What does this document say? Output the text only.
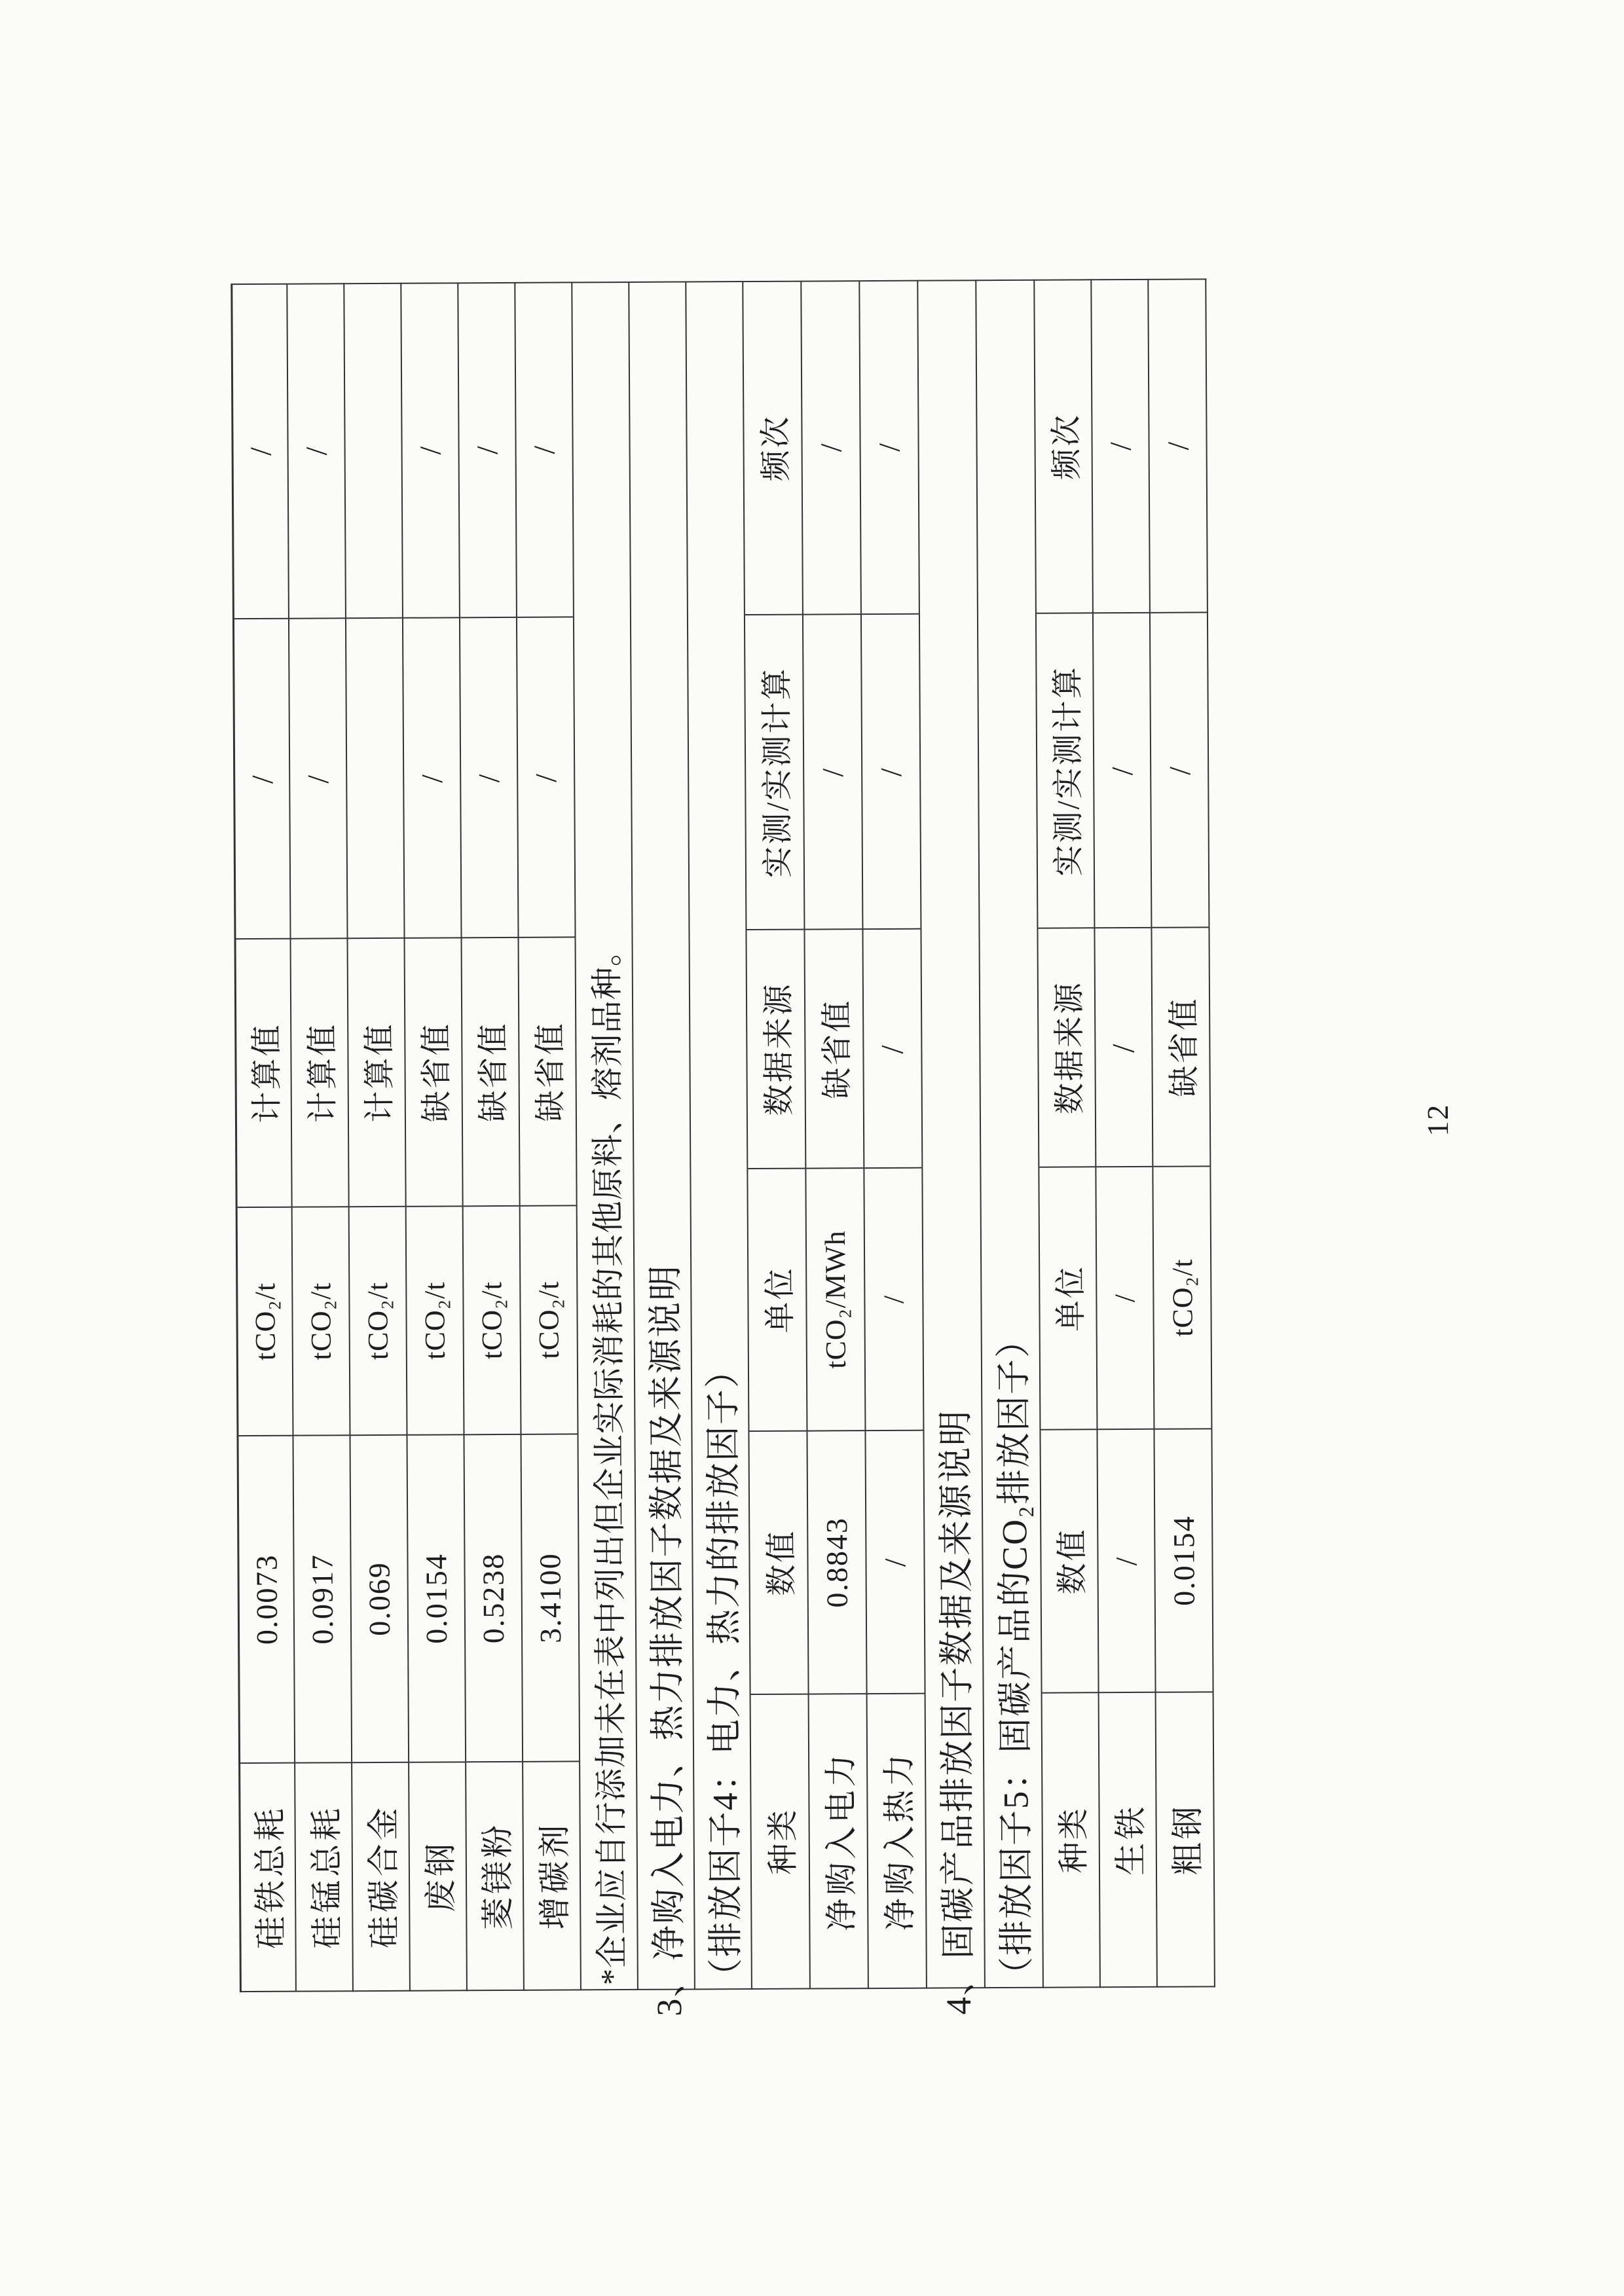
硅铁总耗
0.0073
tCO₂/t
计算值
/
/
硅锰总耗
0.0917
tCO₂/t
计算值
/
/
硅碳合金
0.069
tCO₂/t
计算值
废钢
0.0154
tCO₂/t
缺省值
/
/
菱镁粉
0.5238
tCO₂/t
缺省值
/
/
增碳剂
3.4100
tCO₂/t
缺省值
/
/
*企业应自行添加未在表中列出但企业实际消耗的其他原料、熔剂品种。 3、净购入电力、热力排放因子数据及来源说明 （排放因子4：电力、热力的排放因子） 种类
数值
单位
数据来源
实测/实测计算
频次
净购入电力
0.8843
tCO₂/MWh
缺省值
/
/
净购入热力
/
/
/
/
/
4、固碳产品排放因子数据及来源说明 （排放因子5：固碳产品的CO₂排放因子） 种类
数值
单位
数据来源
实测/实测计算
频次
生铁
/
/
/
/
/
粗钢
0.0154
tCO₂/t
缺省值
/
/
12
